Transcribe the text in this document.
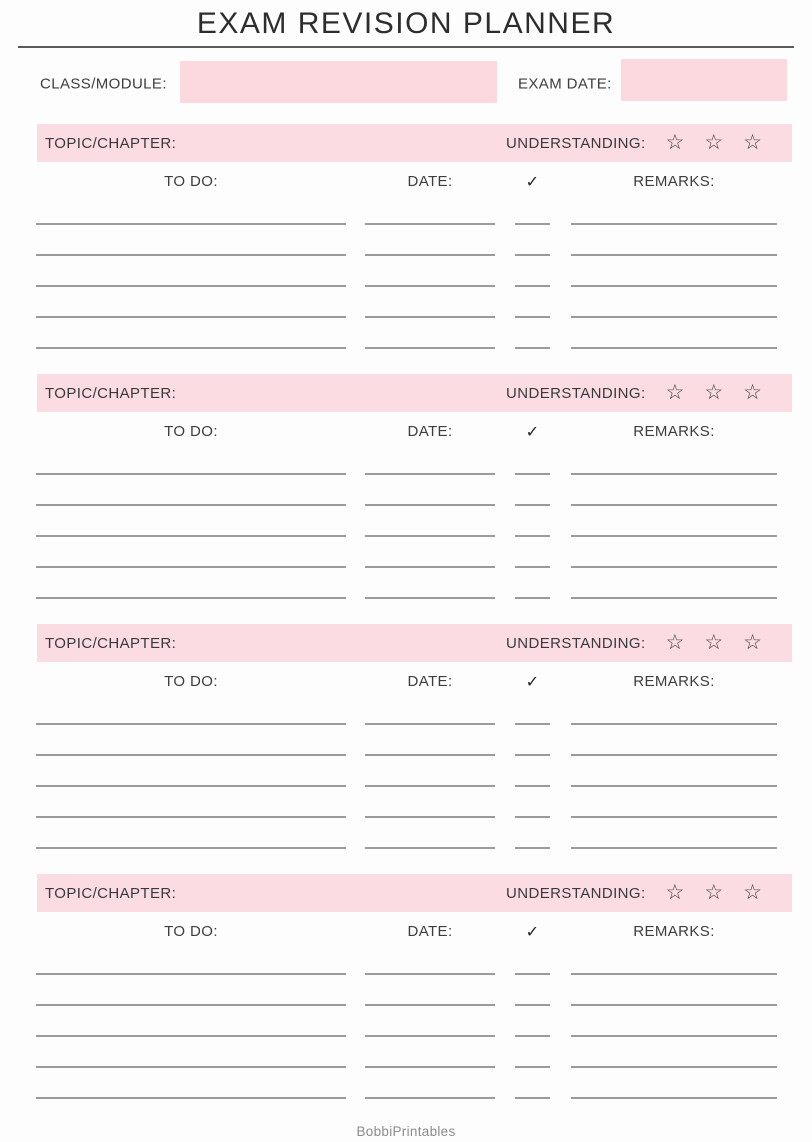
EXAM REVISION PLANNER
CLASS/MODULE:	EXAM DATE:
TOPIC/CHAPTER:	UNDERSTANDING: ☆ ☆ ☆
TO DO:	DATE:	✓	REMARKS:
TOPIC/CHAPTER:	UNDERSTANDING: ☆ ☆ ☆
TO DO:	DATE:	✓	REMARKS:
TOPIC/CHAPTER:	UNDERSTANDING: ☆ ☆ ☆
TO DO:	DATE:	✓	REMARKS:
TOPIC/CHAPTER:	UNDERSTANDING: ☆ ☆ ☆
TO DO:	DATE:	✓	REMARKS:
BobbiPrintables
